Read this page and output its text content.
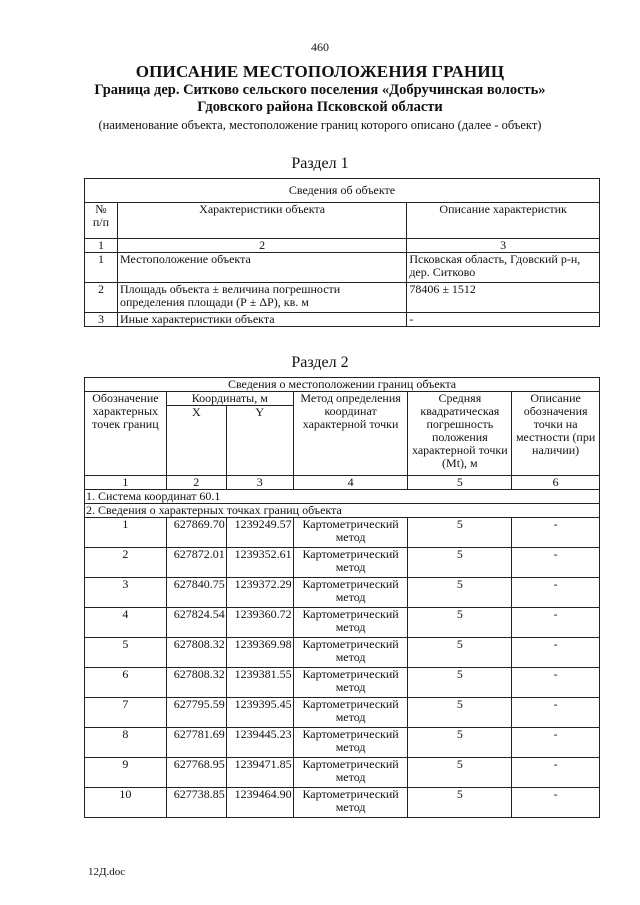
460
ОПИСАНИЕ МЕСТОПОЛОЖЕНИЯ ГРАНИЦ
Граница дер. Ситково сельского поселения «Добручинская волость»
Гдовского района Псковской области
(наименование объекта, местоположение границ которого описано (далее - объект)
Раздел 1
Сведения об объекте		
№
п/п	Характеристики объекта	Описание характеристик
1	2	3
1	Местоположение объекта	Псковская область, Гдовский р-н, дер. Ситково
2	Площадь объекта ± величина погрешности определения площади (Р ± ΔР), кв. м	78406 ± 1512
3	Иные характеристики объекта	-
Раздел 2
Сведения о местоположении границ объекта					
Обозначение характерных точек границ	Координаты, м		Метод определения координат характерной точки	Средняя квадратическая погрешность положения характерной точки (Mt), м	Описание обозначения точки на местности (при наличии)
	X	Y			
1	2	3	4	5	6
1. Система координат 60.1					
2. Сведения о характерных точках границ объекта					
1	627869.70	1239249.57	Картометрический метод	5	-
2	627872.01	1239352.61	Картометрический метод	5	-
3	627840.75	1239372.29	Картометрический метод	5	-
4	627824.54	1239360.72	Картометрический метод	5	-
5	627808.32	1239369.98	Картометрический метод	5	-
6	627808.32	1239381.55	Картометрический метод	5	-
7	627795.59	1239395.45	Картометрический метод	5	-
8	627781.69	1239445.23	Картометрический метод	5	-
9	627768.95	1239471.85	Картометрический метод	5	-
10	627738.85	1239464.90	Картометрический метод	5	-
12Д.doc
